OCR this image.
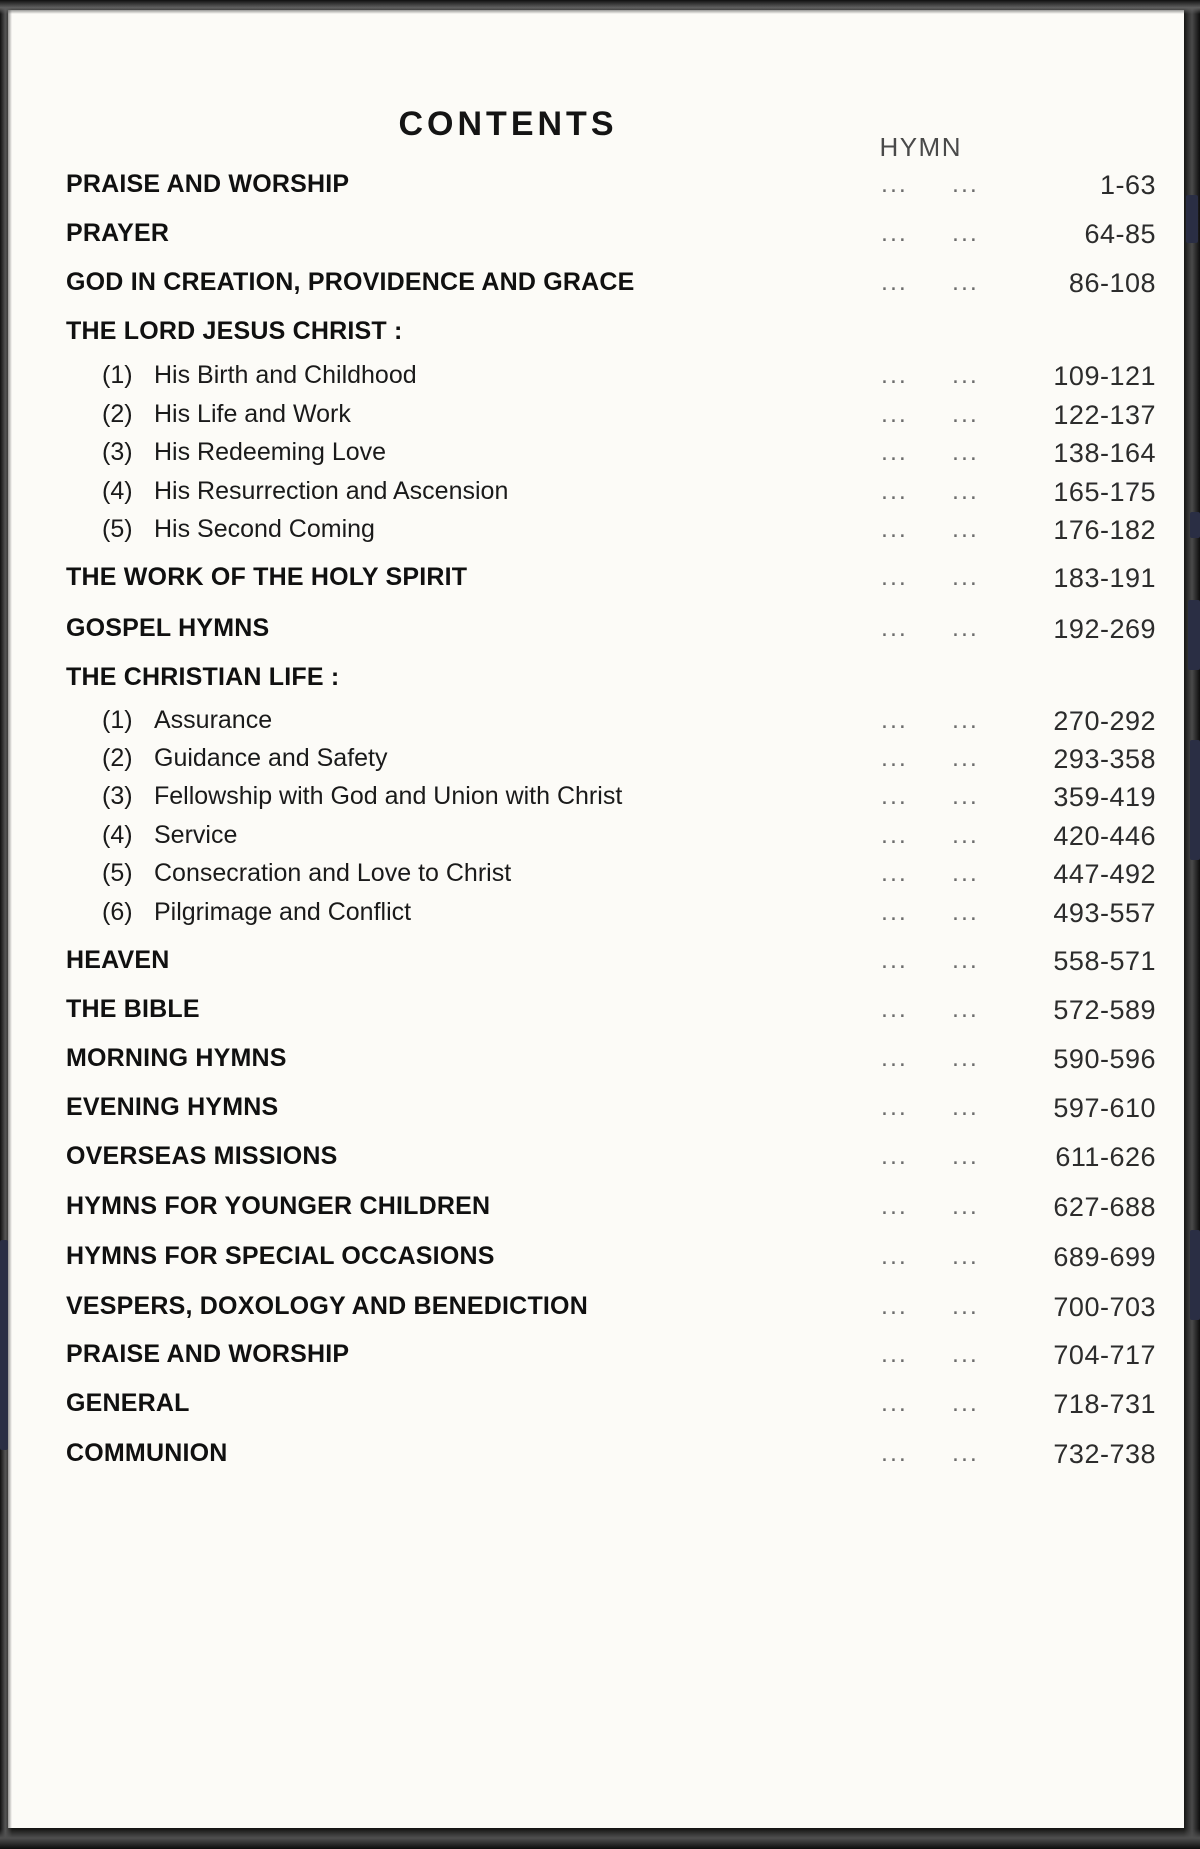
CONTENTS
HYMN
PRAISE AND WORSHIP	... ...	1-63
PRAYER	... ...	64-85
GOD IN CREATION, PROVIDENCE AND GRACE	... ...	86-108
THE LORD JESUS CHRIST :
(1) His Birth and Childhood	... ...	109-121
(2) His Life and Work	... ...	122-137
(3) His Redeeming Love	... ...	138-164
(4) His Resurrection and Ascension	... ...	165-175
(5) His Second Coming	... ...	176-182
THE WORK OF THE HOLY SPIRIT	... ...	183-191
GOSPEL HYMNS	... ...	192-269
THE CHRISTIAN LIFE :
(1) Assurance	... ...	270-292
(2) Guidance and Safety	... ...	293-358
(3) Fellowship with God and Union with Christ	... ...	359-419
(4) Service	... ...	420-446
(5) Consecration and Love to Christ	... ...	447-492
(6) Pilgrimage and Conflict	... ...	493-557
HEAVEN	... ...	558-571
THE BIBLE	... ...	572-589
MORNING HYMNS	... ...	590-596
EVENING HYMNS	... ...	597-610
OVERSEAS MISSIONS	... ...	611-626
HYMNS FOR YOUNGER CHILDREN	... ...	627-688
HYMNS FOR SPECIAL OCCASIONS	... ...	689-699
VESPERS, DOXOLOGY AND BENEDICTION	... ...	700-703
PRAISE AND WORSHIP	... ...	704-717
GENERAL	... ...	718-731
COMMUNION	... ...	732-738
